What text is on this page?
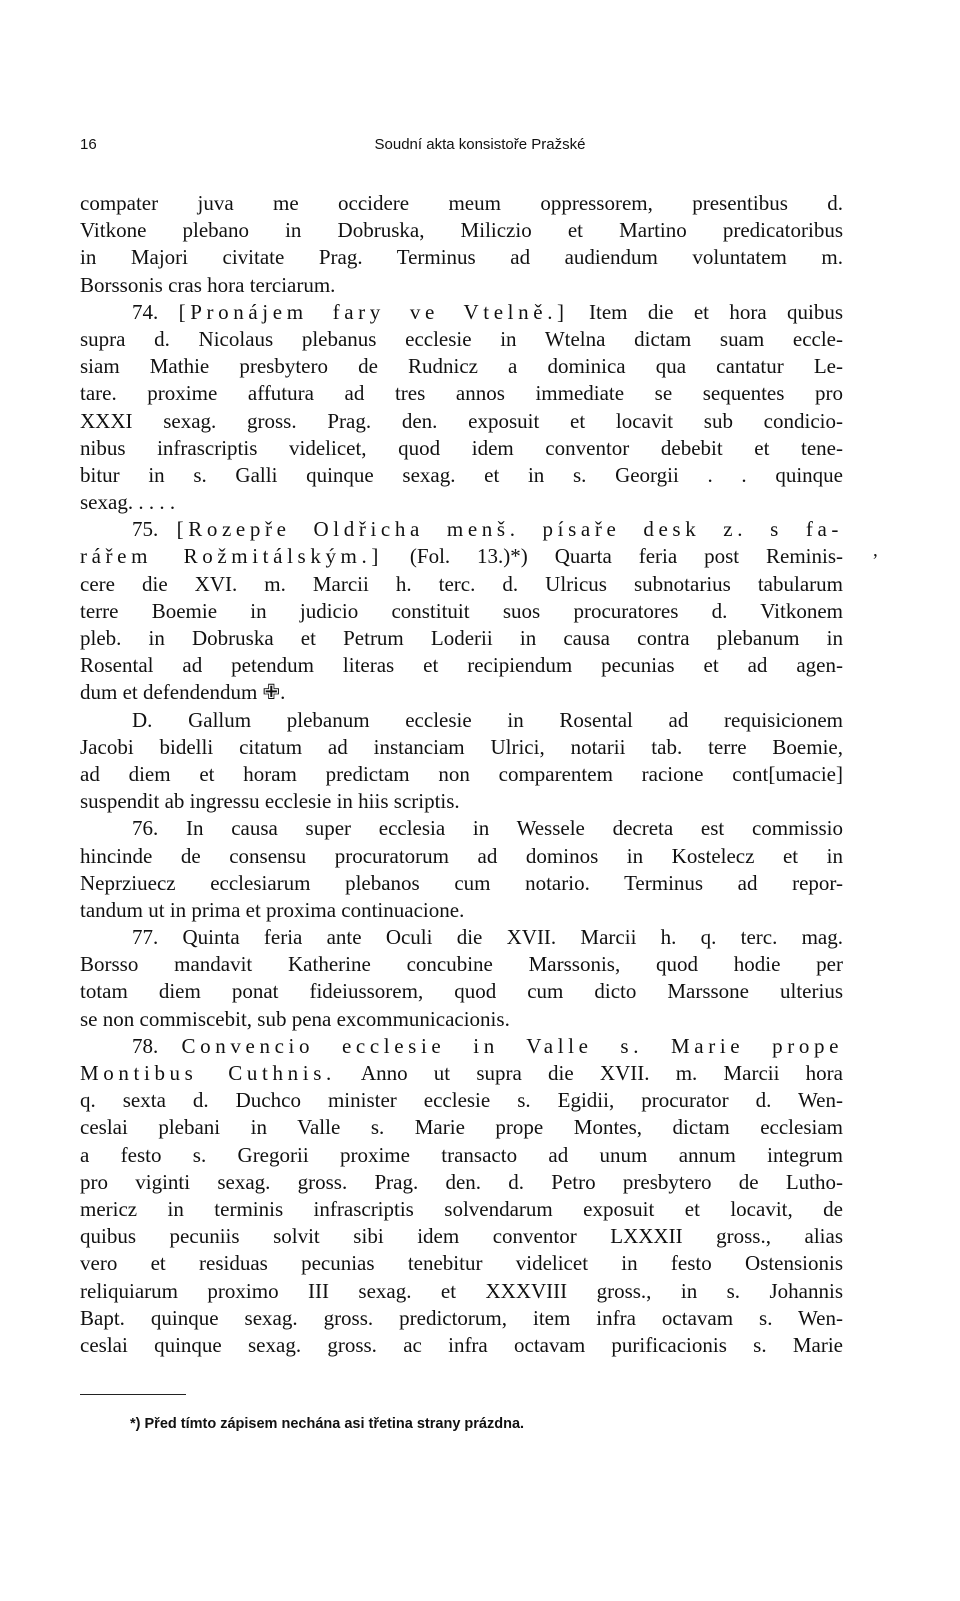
16	Soudní akta konsistoře Pražské
compater juva me occidere meum oppressorem, presentibus d.
Vitkone plebano in Dobruska, Miliczio et Martino predicatoribus
in Majori civitate Prag. Terminus ad audiendum voluntatem m.
Borssonis cras hora terciarum.
74. [Pronájem fary ve Vtelně.] Item die et hora quibus
supra d. Nicolaus plebanus ecclesie in Wtelna dictam suam eccle-
siam Mathie presbytero de Rudnicz a dominica qua cantatur Le-
tare. proxime affutura ad tres annos immediate se sequentes pro
XXXI sexag. gross. Prag. den. exposuit et locavit sub condicio-
nibus infrascriptis videlicet, quod idem conventor debebit et tene-
bitur in s. Galli quinque sexag. et in s. Georgii . . quinque
sexag. . . . .
75. [Rozepře Oldřicha menš. písaře desk z. s fa-
rářem Rožmitálským.] (Fol. 13.)*) Quarta feria post Reminis-
cere die XVI. m. Marcii h. terc. d. Ulricus subnotarius tabularum
terre Boemie in judicio constituit suos procuratores d. Vitkonem
pleb. in Dobruska et Petrum Loderii in causa contra plebanum in
Rosental ad petendum literas et recipiendum pecunias et ad agen-
dum et defendendum ✙.
D. Gallum plebanum ecclesie in Rosental ad requisicionem
Jacobi bidelli citatum ad instanciam Ulrici, notarii tab. terre Boemie,
ad diem et horam predictam non comparentem racione cont[umacie]
suspendit ab ingressu ecclesie in hiis scriptis.
76. In causa super ecclesia in Wessele decreta est commissio
hincinde de consensu procuratorum ad dominos in Kostelecz et in
Neprziuecz ecclesiarum plebanos cum notario. Terminus ad repor-
tandum ut in prima et proxima continuacione.
77. Quinta feria ante Oculi die XVII. Marcii h. q. terc. mag.
Borsso mandavit Katherine concubine Marssonis, quod hodie per
totam diem ponat fideiussorem, quod cum dicto Marssone ulterius
se non commiscebit, sub pena excommunicacionis.
78. Convencio ecclesie in Valle s. Marie prope
Montibus Cuthnis. Anno ut supra die XVII. m. Marcii hora
q. sexta d. Duchco minister ecclesie s. Egidii, procurator d. Wen-
ceslai plebani in Valle s. Marie prope Montes, dictam ecclesiam
a festo s. Gregorii proxime transacto ad unum annum integrum
pro viginti sexag. gross. Prag. den. d. Petro presbytero de Lutho-
mericz in terminis infrascriptis solvendarum exposuit et locavit, de
quibus pecuniis solvit sibi idem conventor LXXXII gross., alias
vero et residuas pecunias tenebitur videlicet in festo Ostensionis
reliquiarum proximo III sexag. et XXXVIII gross., in s. Johannis
Bapt. quinque sexag. gross. predictorum, item infra octavam s. Wen-
ceslai quinque sexag. gross. ac infra octavam purificacionis s. Marie
,
*) Před tímto zápisem nechána asi třetina strany prázdna.
